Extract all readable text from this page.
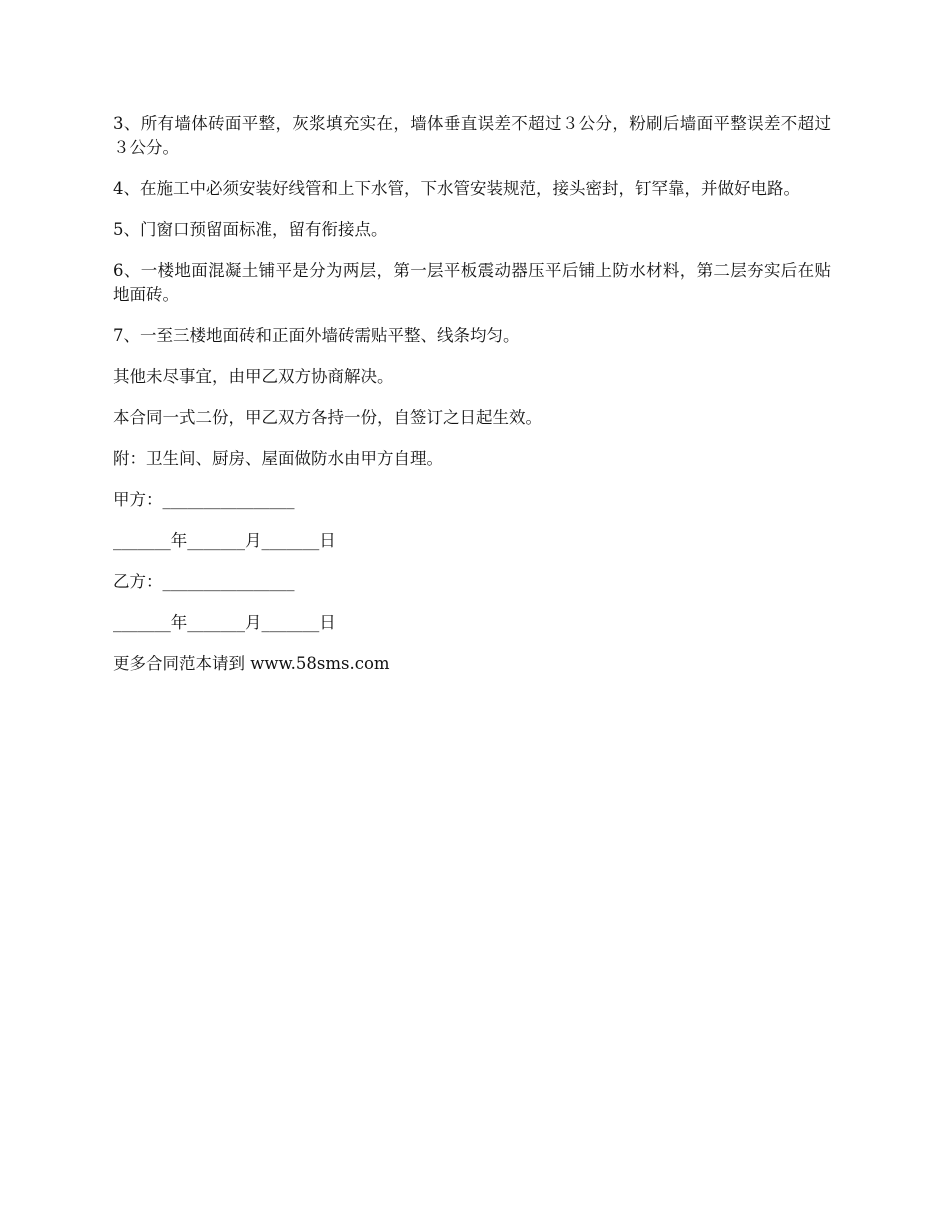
3、所有墙体砖面平整，灰浆填充实在，墙体垂直误差不超过３公分，粉刷后墙面平整误差不超过３公分。

4、在施工中必须安装好线管和上下水管，下水管安装规范，接头密封，钉罕靠，并做好电路。

5、门窗口预留面标准，留有衔接点。

6、一楼地面混凝土铺平是分为两层，第一层平板震动器压平后铺上防水材料，第二层夯实后在贴地面砖。

7、一至三楼地面砖和正面外墙砖需贴平整、线条均匀。

其他未尽事宜，由甲乙双方协商解决。

本合同一式二份，甲乙双方各持一份，自签订之日起生效。

附：卫生间、厨房、屋面做防水由甲方自理。

甲方：________________

_______年_______月_______日

乙方：________________

_______年_______月_______日

更多合同范本请到 www.58sms.com
